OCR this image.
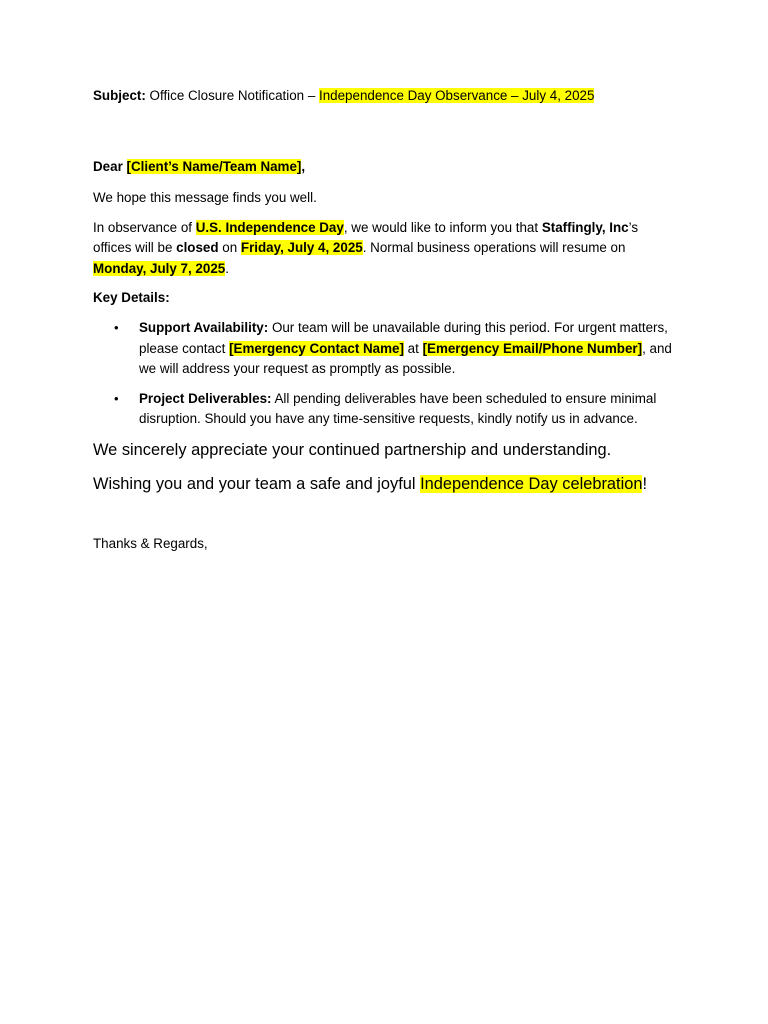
Subject: Office Closure Notification – Independence Day Observance – July 4, 2025

Dear [Client’s Name/Team Name],

We hope this message finds you well.

In observance of U.S. Independence Day, we would like to inform you that Staffingly, Inc’s offices will be closed on Friday, July 4, 2025. Normal business operations will resume on Monday, July 7, 2025.

Key Details:

• Support Availability: Our team will be unavailable during this period. For urgent matters, please contact [Emergency Contact Name] at [Emergency Email/Phone Number], and we will address your request as promptly as possible.
• Project Deliverables: All pending deliverables have been scheduled to ensure minimal disruption. Should you have any time-sensitive requests, kindly notify us in advance.

We sincerely appreciate your continued partnership and understanding.

Wishing you and your team a safe and joyful Independence Day celebration!

Thanks & Regards,
